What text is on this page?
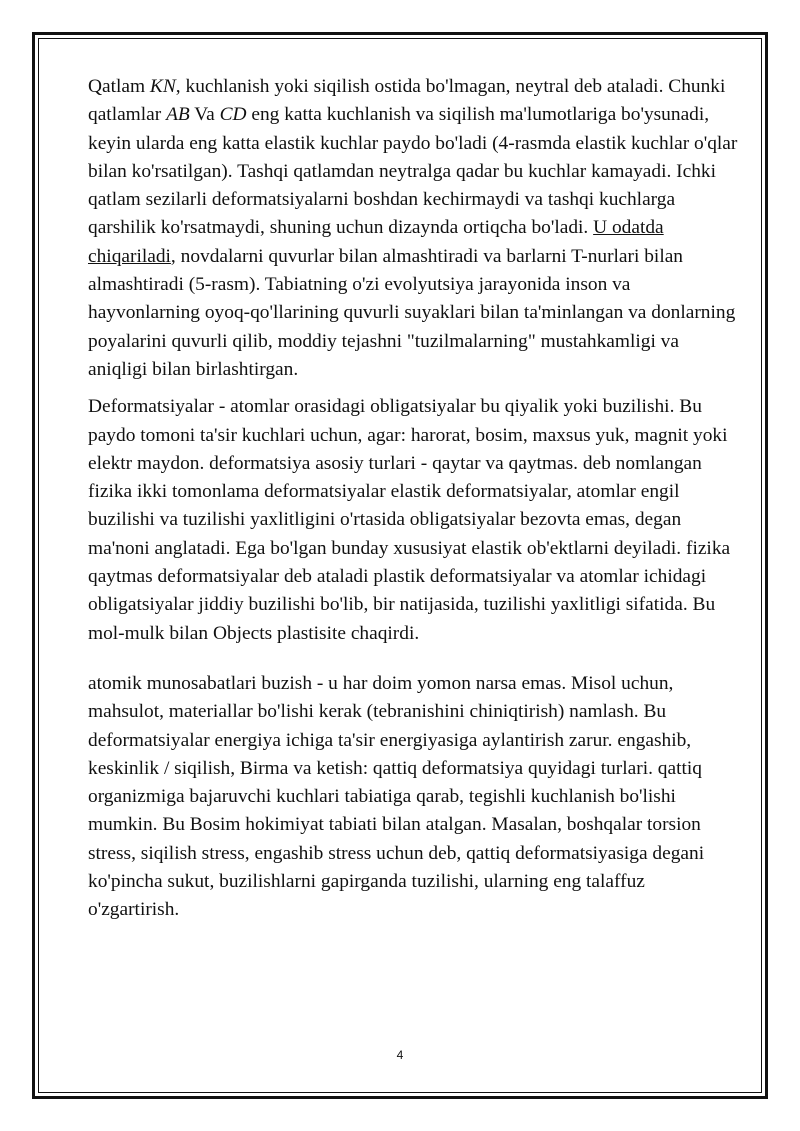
Qatlam KN, kuchlanish yoki siqilish ostida bo'lmagan, neytral deb ataladi. Chunki qatlamlar AB Va CD eng katta kuchlanish va siqilish ma'lumotlariga bo'ysunadi, keyin ularda eng katta elastik kuchlar paydo bo'ladi (4-rasmda elastik kuchlar o'qlar bilan ko'rsatilgan). Tashqi qatlamdan neytralga qadar bu kuchlar kamayadi. Ichki qatlam sezilarli deformatsiyalarni boshdan kechirmaydi va tashqi kuchlarga qarshilik ko'rsatmaydi, shuning uchun dizaynda ortiqcha bo'ladi. U odatda chiqariladi, novdalarni quvurlar bilan almashtiradi va barlarni T-nurlari bilan almashtiradi (5-rasm). Tabiatning o'zi evolyutsiya jarayonida inson va hayvonlarning oyoq-qo'llarining quvurli suyaklari bilan ta'minlangan va donlarning poyalarini quvurli qilib, moddiy tejashni "tuzilmalarning" mustahkamligi va aniqligi bilan birlashtirgan.

Deformatsiyalar - atomlar orasidagi obligatsiyalar bu qiyalik yoki buzilishi. Bu paydo tomoni ta'sir kuchlari uchun, agar: harorat, bosim, maxsus yuk, magnit yoki elektr maydon. deformatsiya asosiy turlari - qaytar va qaytmas. deb nomlangan fizika ikki tomonlama deformatsiyalar elastik deformatsiyalar, atomlar engil buzilishi va tuzilishi yaxlitligini o'rtasida obligatsiyalar bezovta emas, degan ma'noni anglatadi. Ega bo'lgan bunday xususiyat elastik ob'ektlarni deyiladi. fizika qaytmas deformatsiyalar deb ataladi plastik deformatsiyalar va atomlar ichidagi obligatsiyalar jiddiy buzilishi bo'lib, bir natijasida, tuzilishi yaxlitligi sifatida. Bu mol-mulk bilan Objects plastisite chaqirdi.

atomik munosabatlari buzish - u har doim yomon narsa emas. Misol uchun, mahsulot, materiallar bo'lishi kerak (tebranishini chiniqtirish) namlash. Bu deformatsiyalar energiya ichiga ta'sir energiyasiga aylantirish zarur. engashib, keskinlik / siqilish, Birma va ketish: qattiq deformatsiya quyidagi turlari. qattiq organizmiga bajaruvchi kuchlari tabiatiga qarab, tegishli kuchlanish bo'lishi mumkin. Bu Bosim hokimiyat tabiati bilan atalgan. Masalan, boshqalar torsion stress, siqilish stress, engashib stress uchun deb, qattiq deformatsiyasiga degani ko'pincha sukut, buzilishlarni gapirganda tuzilishi, ularning eng talaffuz o'zgartirish.

4
